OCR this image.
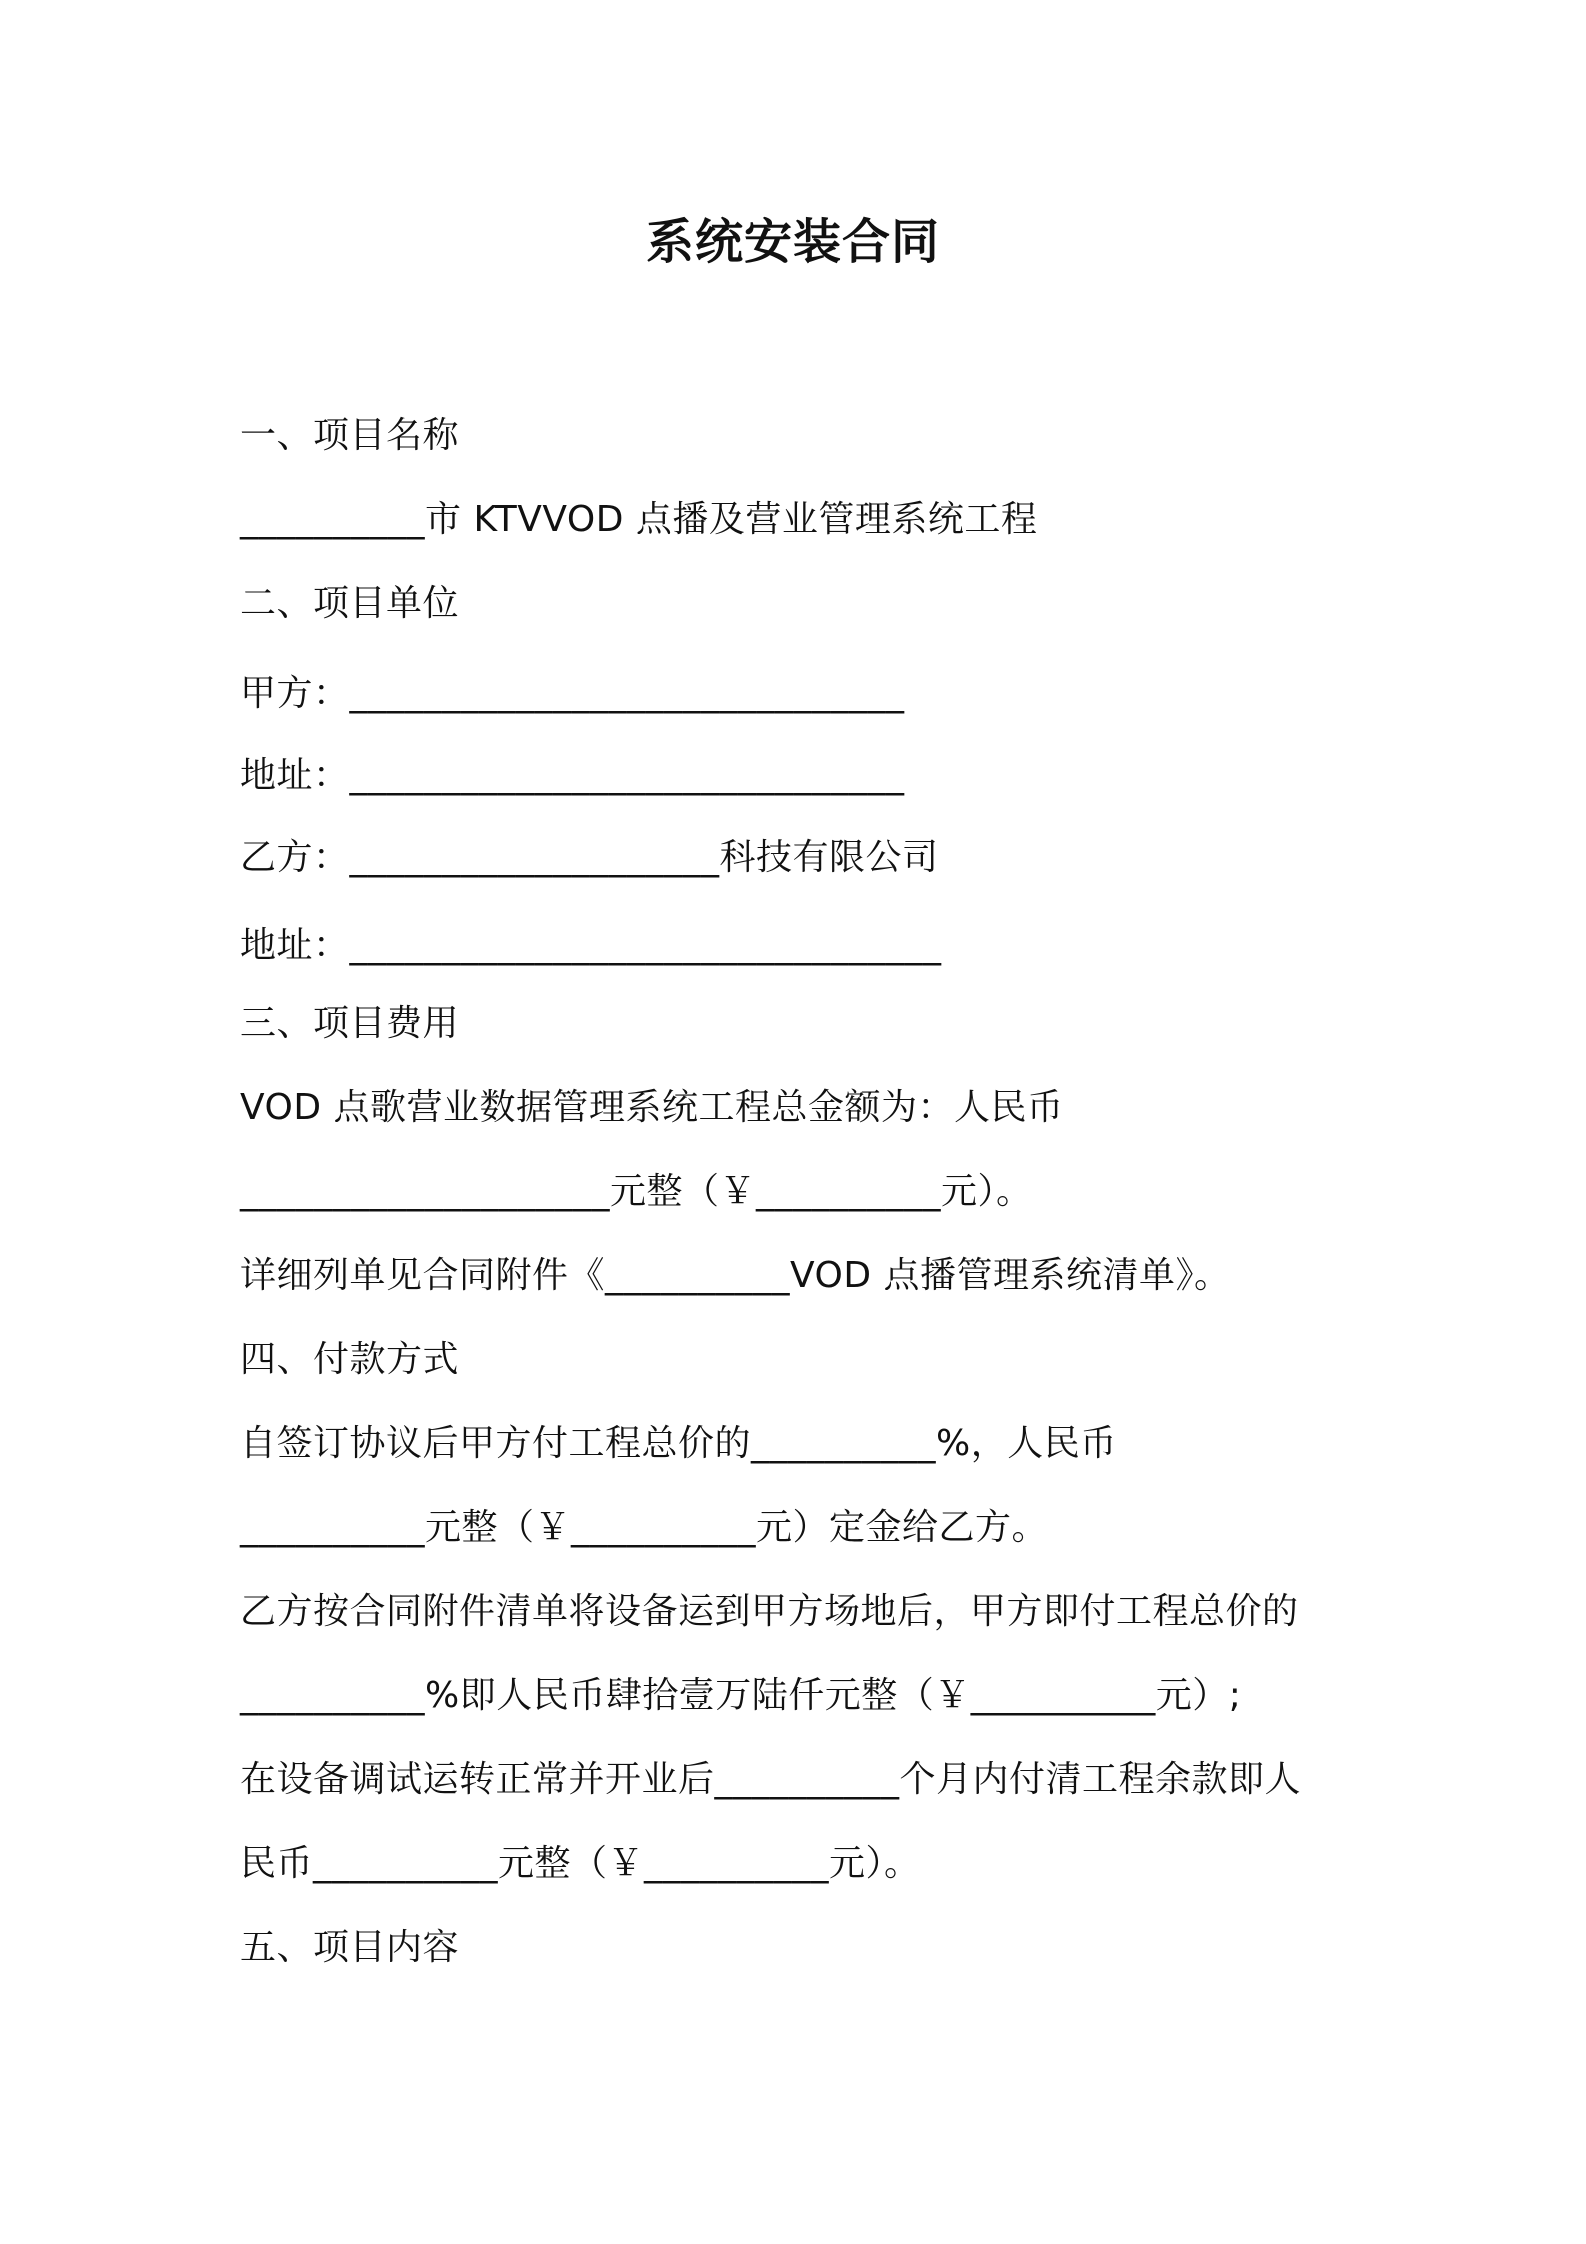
系统安装合同
一、项目名称
__________市 KTVVOD 点播及营业管理系统工程
二、项目单位
甲方：______________________________
地址：______________________________
乙方：____________________科技有限公司
地址：________________________________
三、项目费用
VOD 点歌营业数据管理系统工程总金额为：人民币
____________________元整（￥__________元）。
详细列单见合同附件《__________VOD 点播管理系统清单》。
四、付款方式
自签订协议后甲方付工程总价的__________%，人民币
__________元整（￥__________元）定金给乙方。
乙方按合同附件清单将设备运到甲方场地后，甲方即付工程总价的
__________%即人民币肆拾壹万陆仟元整（￥__________元）;
在设备调试运转正常并开业后__________个月内付清工程余款即人
民币__________元整（￥__________元）。
五、项目内容
